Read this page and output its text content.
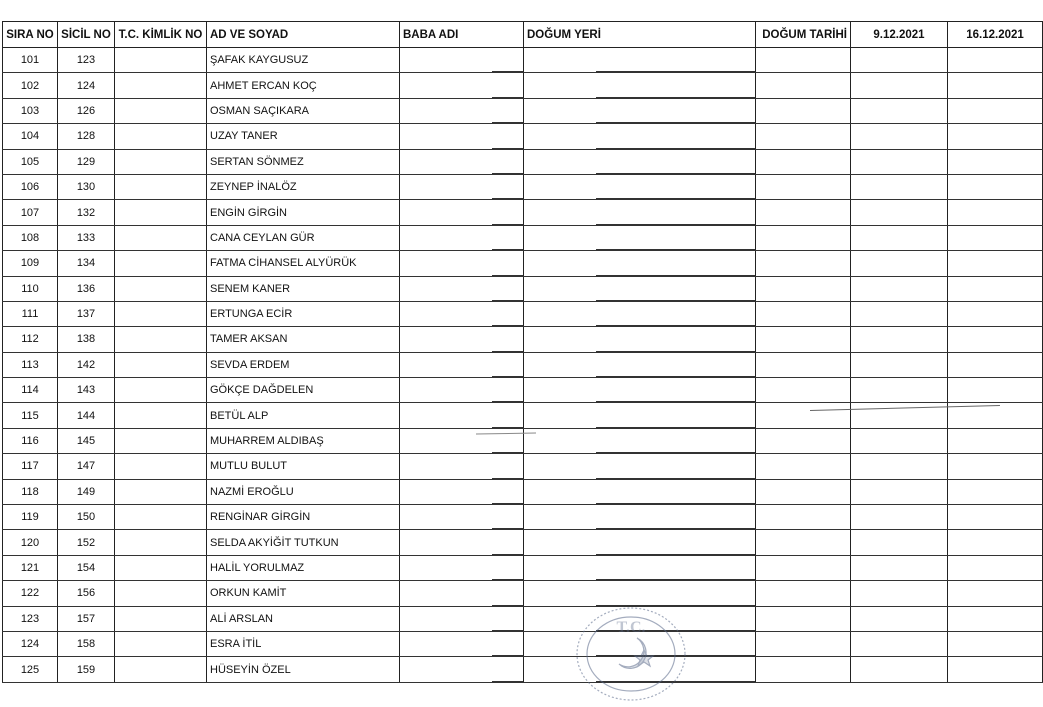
SIRA NO	SİCİL NO	T.C. KİMLİK NO	AD VE SOYAD	BABA ADI	DOĞUM YERİ	DOĞUM TARİHİ	9.12.2021	16.12.2021
101	123		ŞAFAK KAYGUSUZ	

102	124		AHMET ERCAN KOÇ	

103	126		OSMAN SAÇIKARA	

104	128		UZAY TANER	

105	129		SERTAN SÖNMEZ	

106	130		ZEYNEP İNALÖZ	

107	132		ENGİN GİRGİN	

108	133		CANA CEYLAN GÜR	

109	134		FATMA CİHANSEL ALYÜRÜK	

110	136		SENEM KANER	

111	137		ERTUNGA ECİR	

112	138		TAMER AKSAN	

113	142		SEVDA ERDEM	

114	143		GÖKÇE DAĞDELEN	

115	144		BETÜL ALP	

116	145		MUHARREM ALDIBAŞ	

117	147		MUTLU BULUT	

118	149		NAZMİ EROĞLU	

119	150		RENGİNAR GİRGİN	

120	152		SELDA AKYİĞİT TUTKUN	

121	154		HALİL YORULMAZ	

122	156		ORKUN KAMİT	

123	157		ALİ ARSLAN	

124	158		ESRA İTİL	

125	159		HÜSEYİN ÖZEL	

T.C.
